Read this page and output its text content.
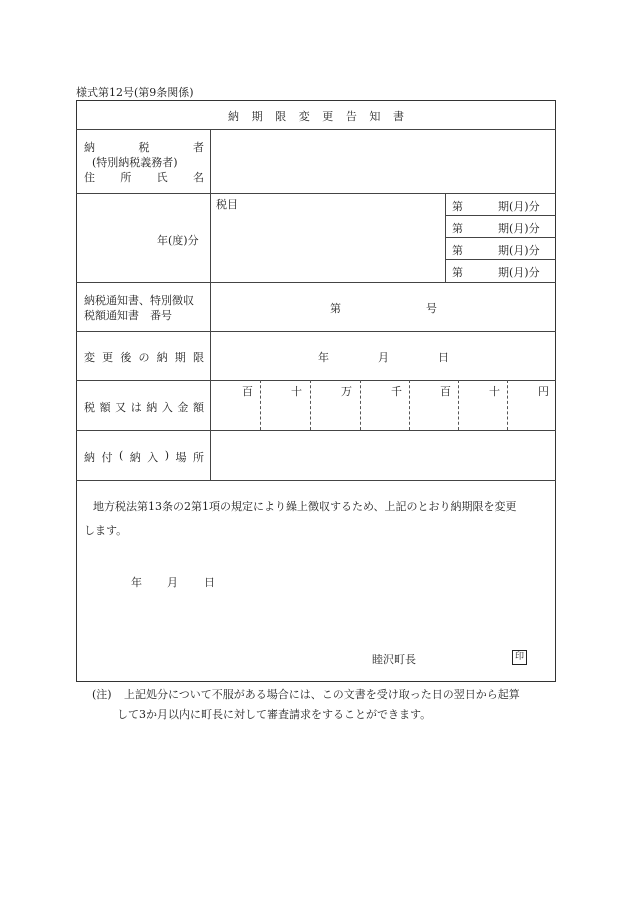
様式第12号(第9条関係)
納 期 限 変 更 告 知 書
納	税	者
(特別納税義務者)
住 所 氏 名
年(度)分
税目	第	期(月)分
第	期(月)分
第	期(月)分
第	期(月)分
納税通知書、特別徴収
税額通知書　番号
第	号
変 更 後 の 納 期 限	年	月	日
税 額 又 は 納 入 金 額
百	十	万	千	百	十	円
納 付 ( 納 入 ) 場 所
地方税法第13条の2第1項の規定により繰上徴収するため、上記のとおり納期限を変更
します。
年 月 日
睦沢町長	印
(注) 上記処分について不服がある場合には、この文書を受け取った日の翌日から起算
して3か月以内に町長に対して審査請求をすることができます。
